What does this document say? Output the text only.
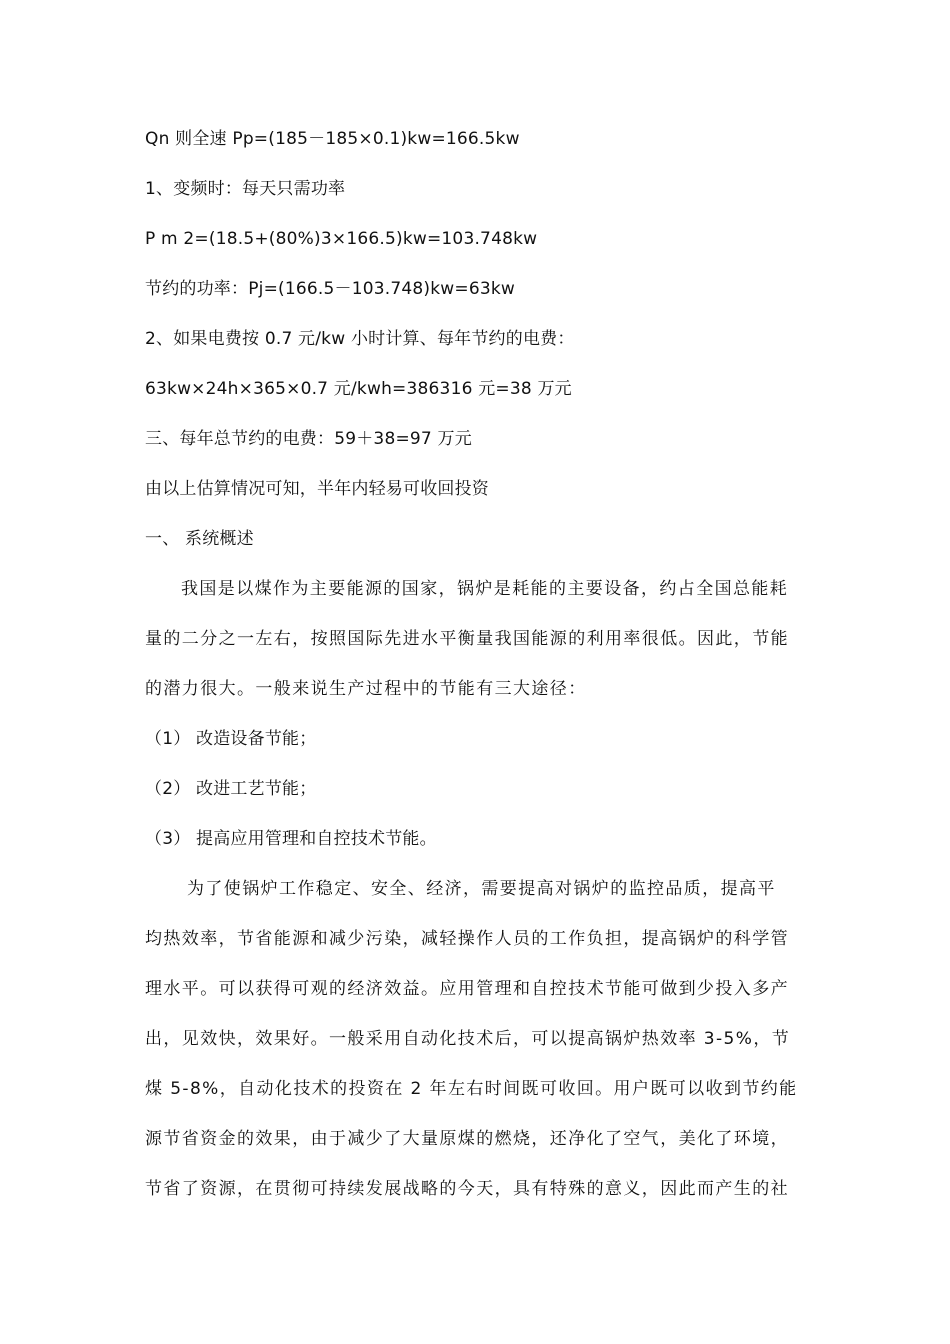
Qn 则全速 Pp=(185－185×0.1)kw=166.5kw
1、变频时：每天只需功率
P m 2=(18.5+(80%)3×166.5)kw=103.748kw
节约的功率：Pj=(166.5－103.748)kw=63kw
2、如果电费按 0.7 元/kw 小时计算、每年节约的电费：
63kw×24h×365×0.7 元/kwh=386316 元=38 万元
三、每年总节约的电费：59＋38=97 万元
由以上估算情况可知，半年内轻易可收回投资
一、 系统概述
我国是以煤作为主要能源的国家，锅炉是耗能的主要设备，约占全国总能耗
量的二分之一左右，按照国际先进水平衡量我国能源的利用率很低。因此，节能
的潜力很大。一般来说生产过程中的节能有三大途径：
（1） 改造设备节能；
（2） 改进工艺节能；
（3） 提高应用管理和自控技术节能。
为了使锅炉工作稳定、安全、经济，需要提高对锅炉的监控品质，提高平
均热效率，节省能源和减少污染，减轻操作人员的工作负担，提高锅炉的科学管
理水平。可以获得可观的经济效益。应用管理和自控技术节能可做到少投入多产
出，见效快，效果好。一般采用自动化技术后，可以提高锅炉热效率 3-5%，节
煤 5-8%，自动化技术的投资在 2 年左右时间既可收回。用户既可以收到节约能
源节省资金的效果，由于减少了大量原煤的燃烧，还净化了空气，美化了环境，
节省了资源，在贯彻可持续发展战略的今天，具有特殊的意义，因此而产生的社
